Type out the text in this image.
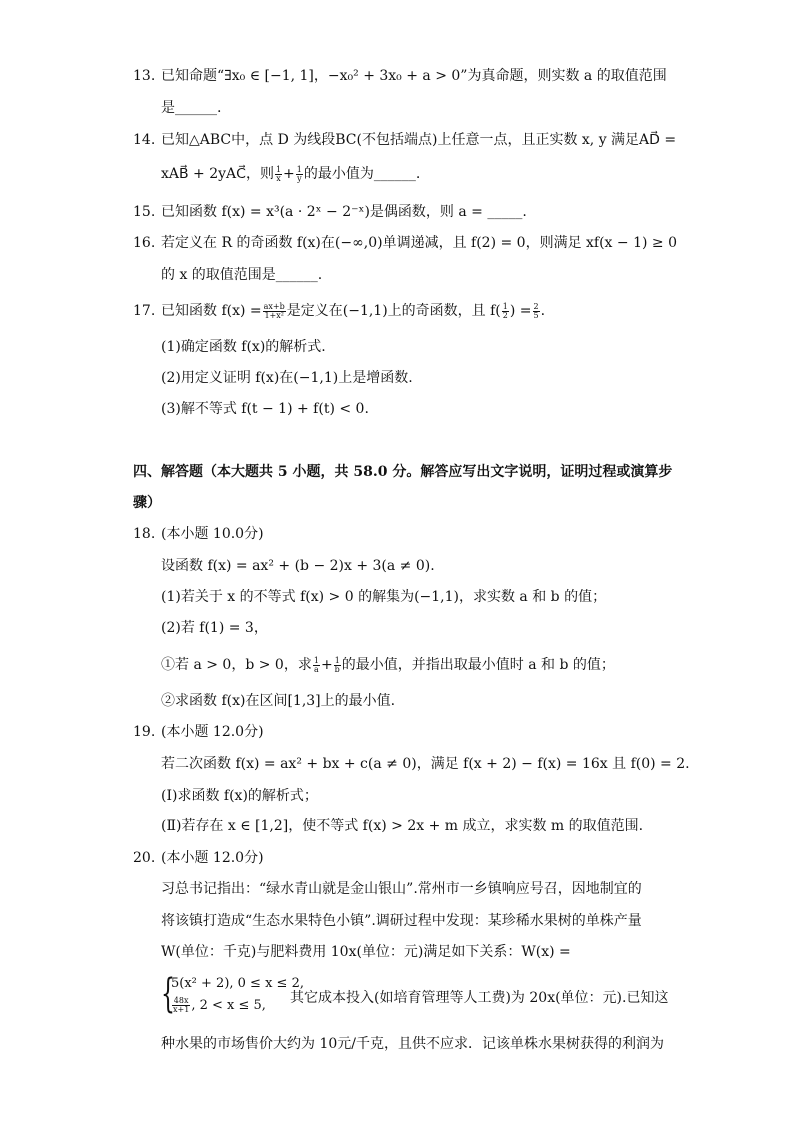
13. 已知命题“∃x₀ ∈ [−1, 1]，−x₀² + 3x₀ + a > 0”为真命题，则实数 a 的取值范围
是______.
14. 已知△ABC中，点 D 为线段BC(不包括端点)上任意一点，且正实数 x, y 满足AD⃗ =
xAB⃗ + 2yAC⃗，则 $\frac{1}{x} + \frac{1}{y}$ 的最小值为______.
15. 已知函数 f(x) = x³(a · 2ˣ − 2⁻ˣ)是偶函数，则 a = _____.
16. 若定义在 R 的奇函数 f(x)在(−∞,0)单调递减，且 f(2) = 0，则满足 xf(x − 1) ≥ 0
的 x 的取值范围是______.
17. 已知函数 $f(x) = \frac{ax+b}{\text{1+x²}}$ 是定义在(−1,1)上的奇函数，且 $f( \frac{1}{2}$ ) = $\frac{2}{5}$ .
(1)确定函数 f(x)的解析式.
(2)用定义证明 f(x)在(−1,1)上是增函数.
(3)解不等式 f(t − 1) + f(t) < 0.
四、解答题（本大题共 5 小题，共 58.0 分。解答应写出文字说明，证明过程或演算步
骤）
18. (本小题 10.0分)
设函数 f(x) = ax² + (b − 2)x + 3(a ≠ 0).
(1)若关于 x 的不等式 f(x) > 0 的解集为(−1,1)，求实数 a 和 b 的值；
(2)若 f(1) = 3，
①若 a > 0，b > 0，求 $\frac{1}{a} + \frac{1}{b}$ 的最小值，并指出取最小值时 a 和 b 的值；
②求函数 f(x)在区间[1,3]上的最小值.
19. (本小题 12.0分)
若二次函数 f(x) = ax² + bx + c(a ≠ 0)，满足 f(x + 2) − f(x) = 16x 且 f(0) = 2.
(Ⅰ)求函数 f(x)的解析式；
(Ⅱ)若存在 x ∈ [1,2]，使不等式 f(x) > 2x + m 成立，求实数 m 的取值范围.
20. (本小题 12.0分)
习总书记指出：“绿水青山就是金山银山”.常州市一乡镇响应号召，因地制宜的
将该镇打造成“生态水果特色小镇”.调研过程中发现：某珍稀水果树的单株产量
W(单位：千克)与肥料费用 10x(单位：元)满足如下关系：W(x) =
{
5(x² + 2), 0 ≤ x ≤ 2,
$\frac{48x}{x+1}$ , 2 < x ≤ 5, 其它成本投入(如培育管理等人工费)为 20x(单位：元).已知这
种水果的市场售价大约为 10元/千克，且供不应求．记该单株水果树获得的利润为
